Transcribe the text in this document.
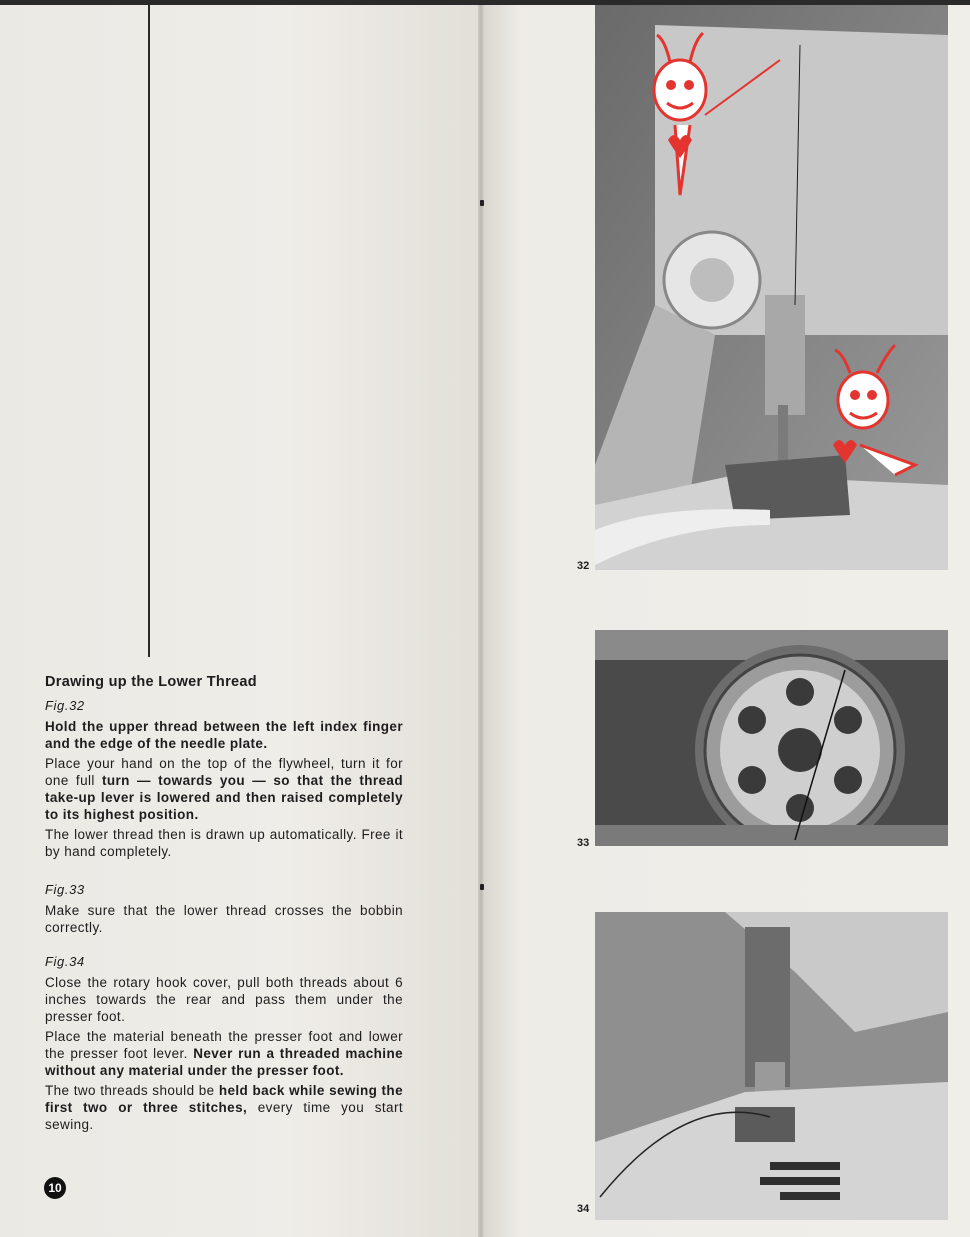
Drawing up the Lower Thread
Fig.32

Hold the upper thread between the left index finger and the edge of the needle plate.

Place your hand on the top of the flywheel, turn it for one full turn — towards you — so that the thread take-up lever is lowered and then raised completely to its highest position.

The lower thread then is drawn up automatically. Free it by hand completely.

Fig.33

Make sure that the lower thread crosses the bobbin correctly.

Fig.34

Close the rotary hook cover, pull both threads about 6 inches towards the rear and pass them under the presser foot.

Place the material beneath the presser foot and lower the presser foot lever. Never run a threaded machine without any material under the presser foot.

The two threads should be held back while sewing the first two or three stitches, every time you start sewing.

10
32
33
34
